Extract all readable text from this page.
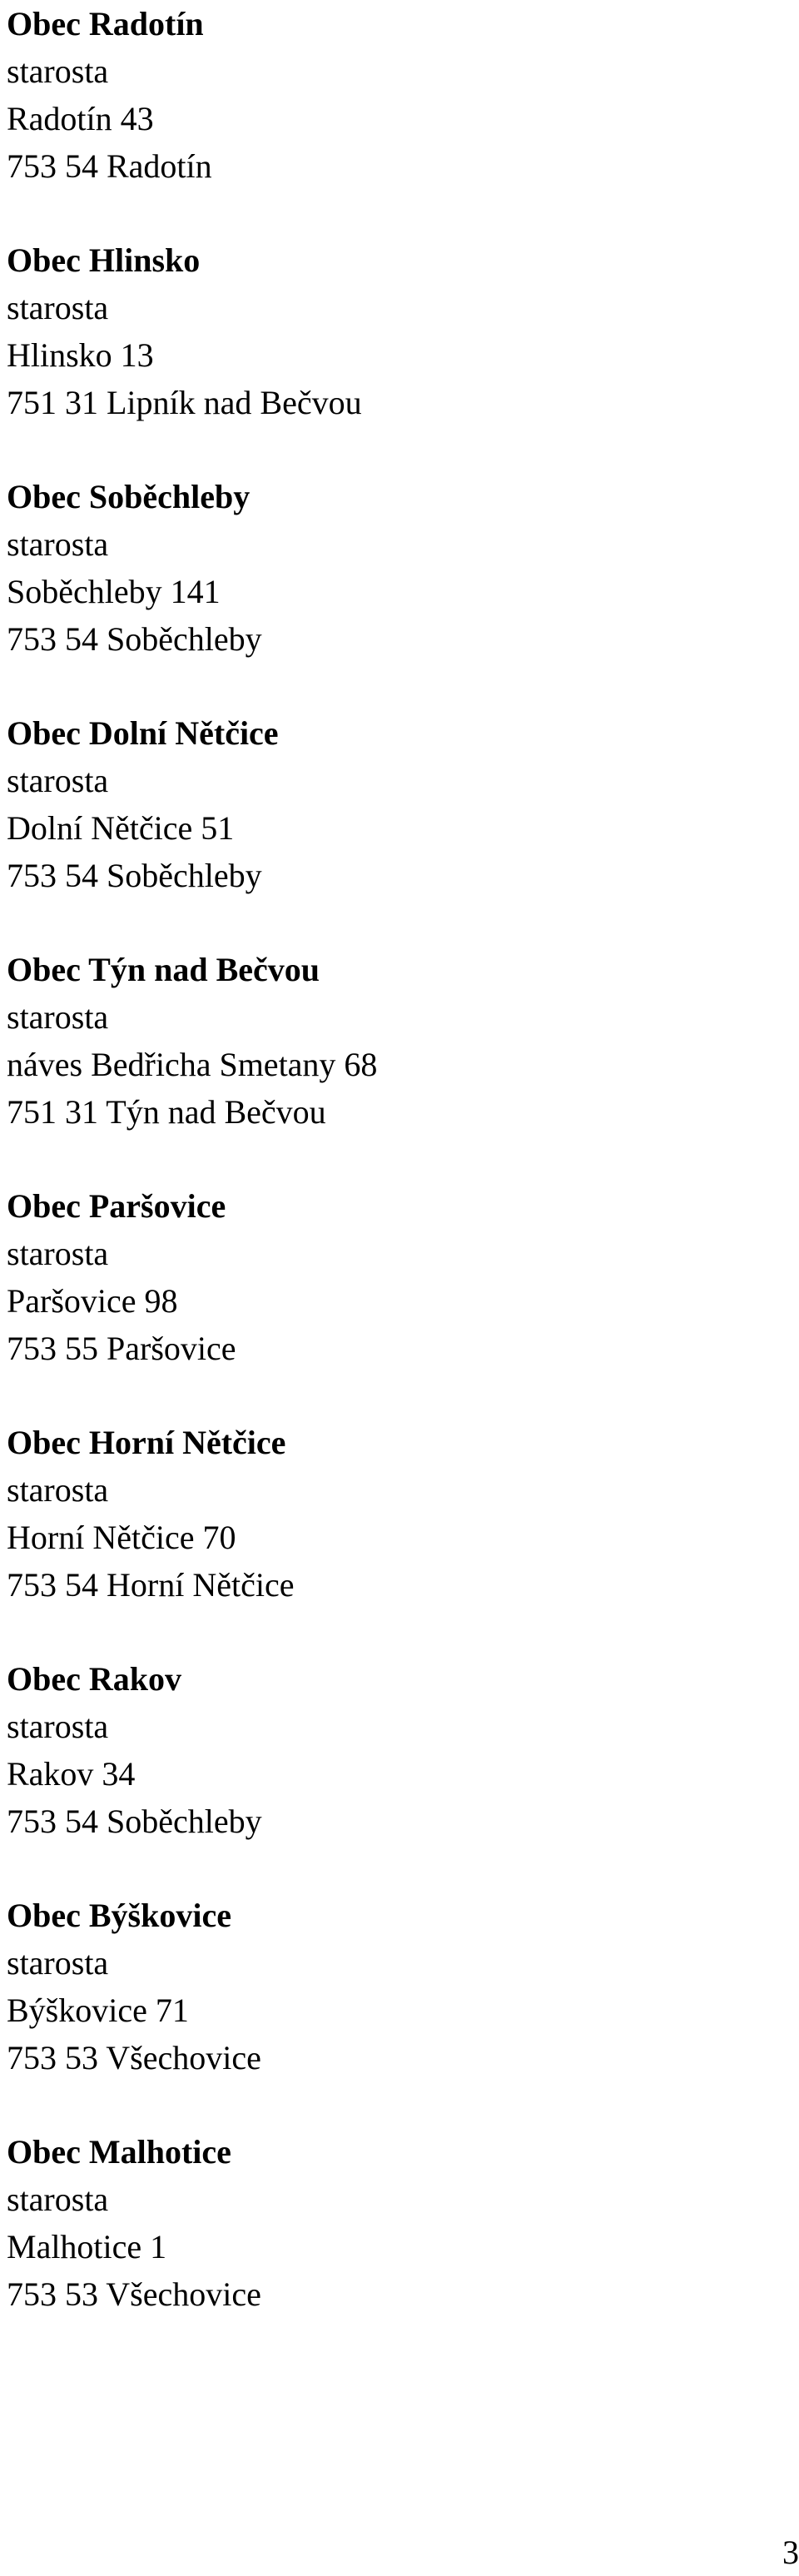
Obec Radotín
starosta
Radotín 43
753 54 Radotín
Obec Hlinsko
starosta
Hlinsko 13
751 31 Lipník nad Bečvou
Obec Soběchleby
starosta
Soběchleby 141
753 54 Soběchleby
Obec Dolní Nětčice
starosta
Dolní Nětčice 51
753 54 Soběchleby
Obec Týn nad Bečvou
starosta
náves Bedřicha Smetany 68
751 31 Týn nad Bečvou
Obec Paršovice
starosta
Paršovice 98
753 55 Paršovice
Obec Horní Nětčice
starosta
Horní Nětčice 70
753 54 Horní Nětčice
Obec Rakov
starosta
Rakov 34
753 54 Soběchleby
Obec Býškovice
starosta
Býškovice 71
753 53 Všechovice
Obec Malhotice
starosta
Malhotice 1
753 53 Všechovice
3
